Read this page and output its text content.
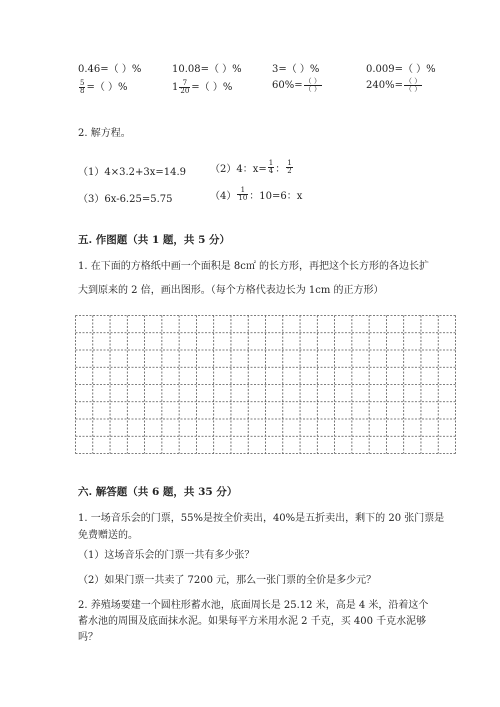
0.46=（ ）%	10.08=（ ）%	3=（ ）%	0.009=（ ）%
$\frac{5}{8}$ =（ ）%	$1 \frac{7}{20}$ =（ ）%	$60\%= \frac{( )}{( )}$	$240\%= \frac{( )}{( )}$
2. 解方程。
（1）4×3.2+3x=14.9 （2）4：$x= \frac{1}{4}$ ： $\frac{1}{2}$
（3）6x-6.25=5.75	$(4) \frac{1}{10}$ ：10=6：x
五. 作图题（共 1 题，共 5 分）
1. 在下面的方格纸中画一个面积是 8c㎡ 的长方形，再把这个长方形的各边长扩
大到原来的 2 倍，画出图形。（每个方格代表边长为 1cm 的正方形）
六. 解答题（共 6 题，共 35 分）
1. 一场音乐会的门票，55%是按全价卖出，40%是五折卖出，剩下的 20 张门票是
免费赠送的。
（1）这场音乐会的门票一共有多少张？
（2）如果门票一共卖了 7200 元，那么一张门票的全价是多少元？
2. 养殖场要建一个圆柱形蓄水池，底面周长是 25.12 米，高是 4 米，沿着这个
蓄水池的周围及底面抹水泥。如果每平方米用水泥 2 千克，买 400 千克水泥够
吗？
